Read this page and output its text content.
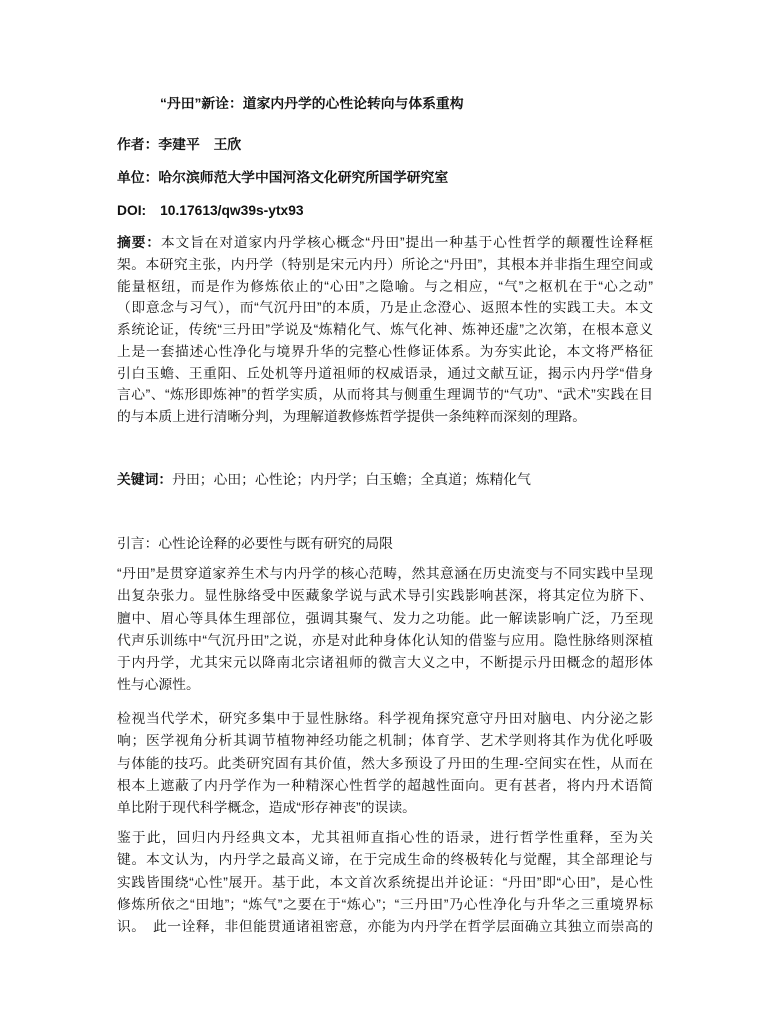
“丹田”新诠：道家内丹学的心性论转向与体系重构
作者：李建平　王欣
单位：哈尔滨师范大学中国河洛文化研究所国学研究室
DOI: 10.17613/qw39s-ytx93
摘要：本文旨在对道家内丹学核心概念“丹田”提出一种基于心性哲学的颠覆性诠释框
架。本研究主张，内丹学（特别是宋元内丹）所论之“丹田”，其根本并非指生理空间或
能量枢纽，而是作为修炼依止的“心田”之隐喻。与之相应，“气”之枢机在于“心之动”
（即意念与习气），而“气沉丹田”的本质，乃是止念澄心、返照本性的实践工夫。本文
系统论证，传统“三丹田”学说及“炼精化气、炼气化神、炼神还虚”之次第，在根本意义
上是一套描述心性净化与境界升华的完整心性修证体系。为夯实此论，本文将严格征
引白玉蟾、王重阳、丘处机等丹道祖师的权威语录，通过文献互证，揭示内丹学“借身
言心”、“炼形即炼神”的哲学实质，从而将其与侧重生理调节的“气功”、“武术”实践在目
的与本质上进行清晰分判，为理解道教修炼哲学提供一条纯粹而深刻的理路。
关键词：丹田；心田；心性论；内丹学；白玉蟾；全真道；炼精化气
引言：心性论诠释的必要性与既有研究的局限
“丹田”是贯穿道家养生术与内丹学的核心范畴，然其意涵在历史流变与不同实践中呈现
出复杂张力。显性脉络受中医藏象学说与武术导引实践影响甚深，将其定位为脐下、
膻中、眉心等具体生理部位，强调其聚气、发力之功能。此一解读影响广泛，乃至现
代声乐训练中“气沉丹田”之说，亦是对此种身体化认知的借鉴与应用。隐性脉络则深植
于内丹学，尤其宋元以降南北宗诸祖师的微言大义之中，不断提示丹田概念的超形体
性与心源性。
检视当代学术，研究多集中于显性脉络。科学视角探究意守丹田对脑电、内分泌之影
响；医学视角分析其调节植物神经功能之机制；体育学、艺术学则将其作为优化呼吸
与体能的技巧。此类研究固有其价值，然大多预设了丹田的生理-空间实在性，从而在
根本上遮蔽了内丹学作为一种精深心性哲学的超越性面向。更有甚者，将内丹术语简
单比附于现代科学概念，造成“形存神丧”的误读。
鉴于此，回归内丹经典文本，尤其祖师直指心性的语录，进行哲学性重释，至为关
键。本文认为，内丹学之最高义谛，在于完成生命的终极转化与觉醒，其全部理论与
实践皆围绕“心性”展开。基于此，本文首次系统提出并论证：“丹田”即“心田”，是心性
修炼所依之“田地”；“炼气”之要在于“炼心”；“三丹田”乃心性净化与升华之三重境界标
识。　此一诠释，非但能贯通诸祖密意，亦能为内丹学在哲学层面确立其独立而崇高的
